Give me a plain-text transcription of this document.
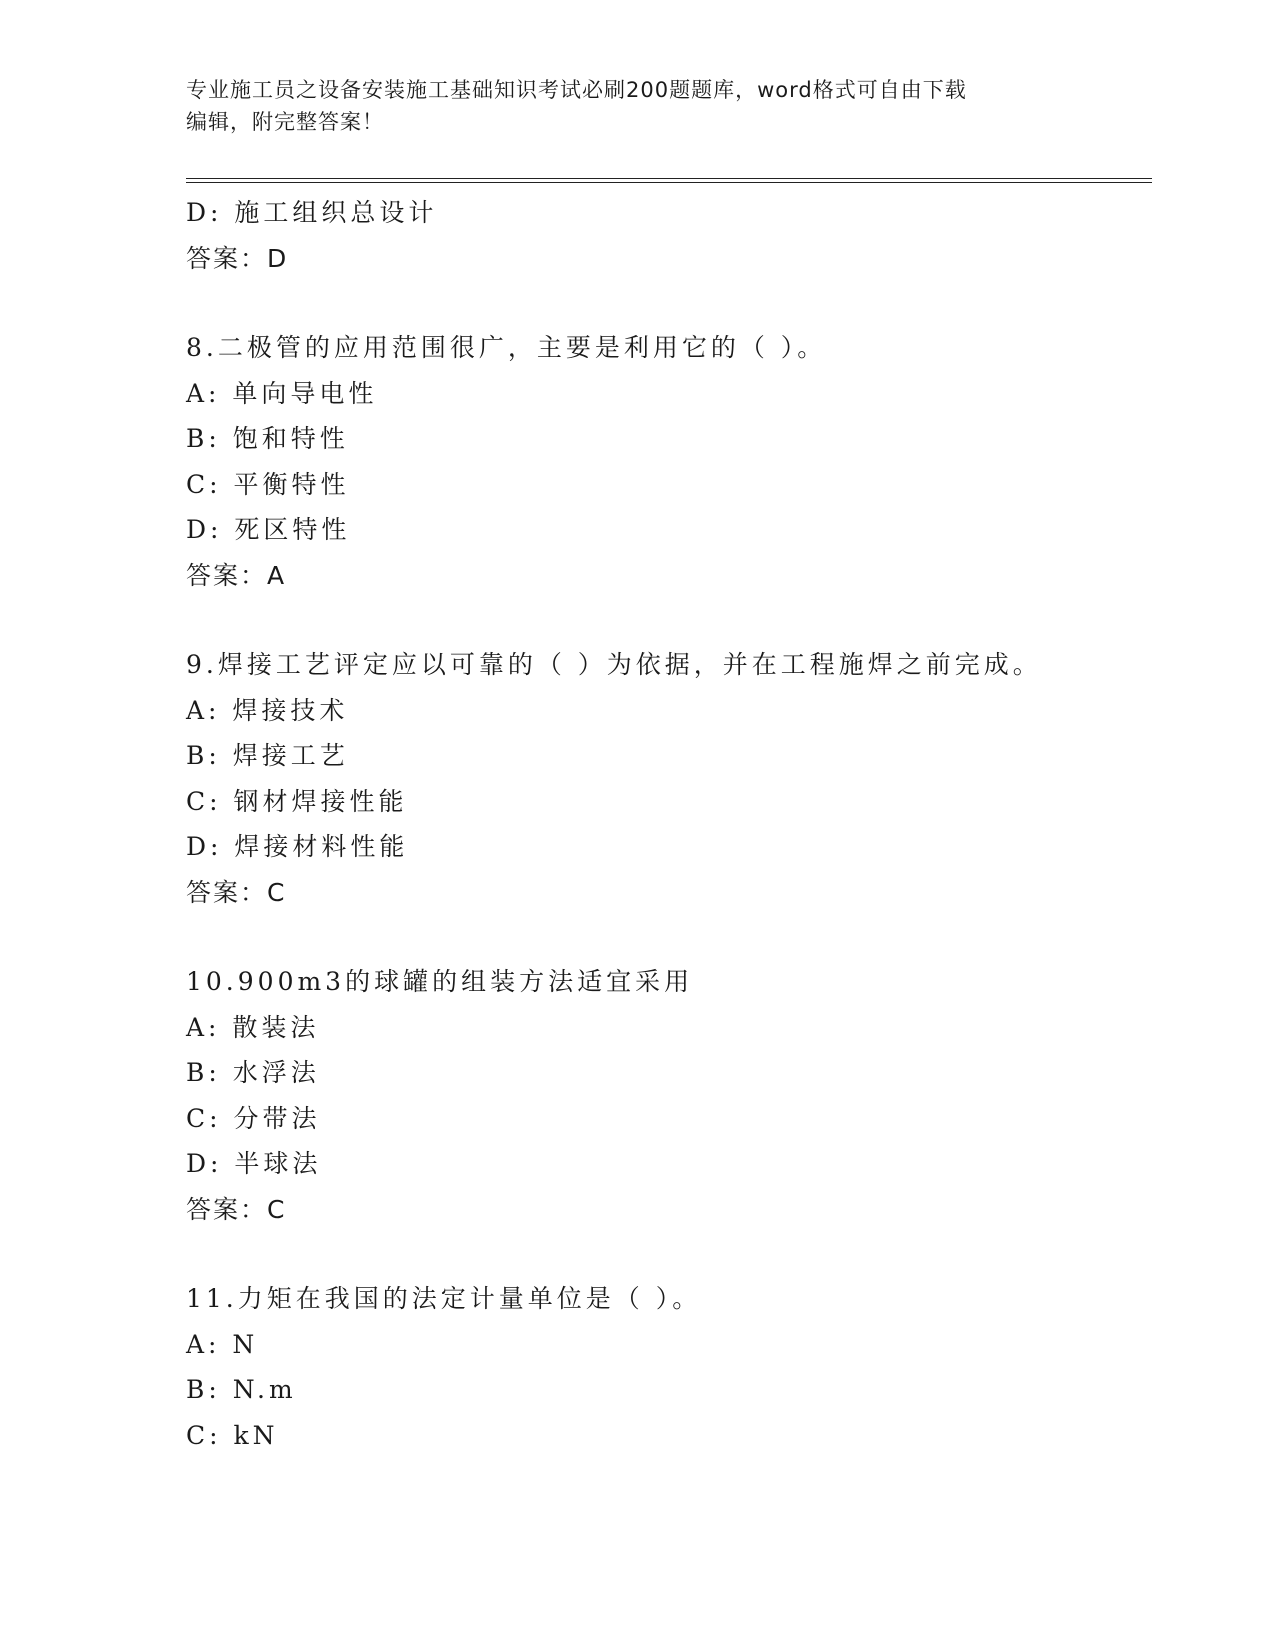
专业施工员之设备安装施工基础知识考试必刷200题题库，word格式可自由下载
编辑，附完整答案！
D: 施工组织总设计
答案：D
8.二极管的应用范围很广，主要是利用它的（ ）。
A: 单向导电性
B: 饱和特性
C: 平衡特性
D: 死区特性
答案：A
9.焊接工艺评定应以可靠的（ ）为依据，并在工程施焊之前完成。
A: 焊接技术
B: 焊接工艺
C: 钢材焊接性能
D: 焊接材料性能
答案：C
10.900m3的球罐的组装方法适宜采用
A: 散装法
B: 水浮法
C: 分带法
D: 半球法
答案：C
11.力矩在我国的法定计量单位是（ ）。
A: N
B: N.m
C: kN
